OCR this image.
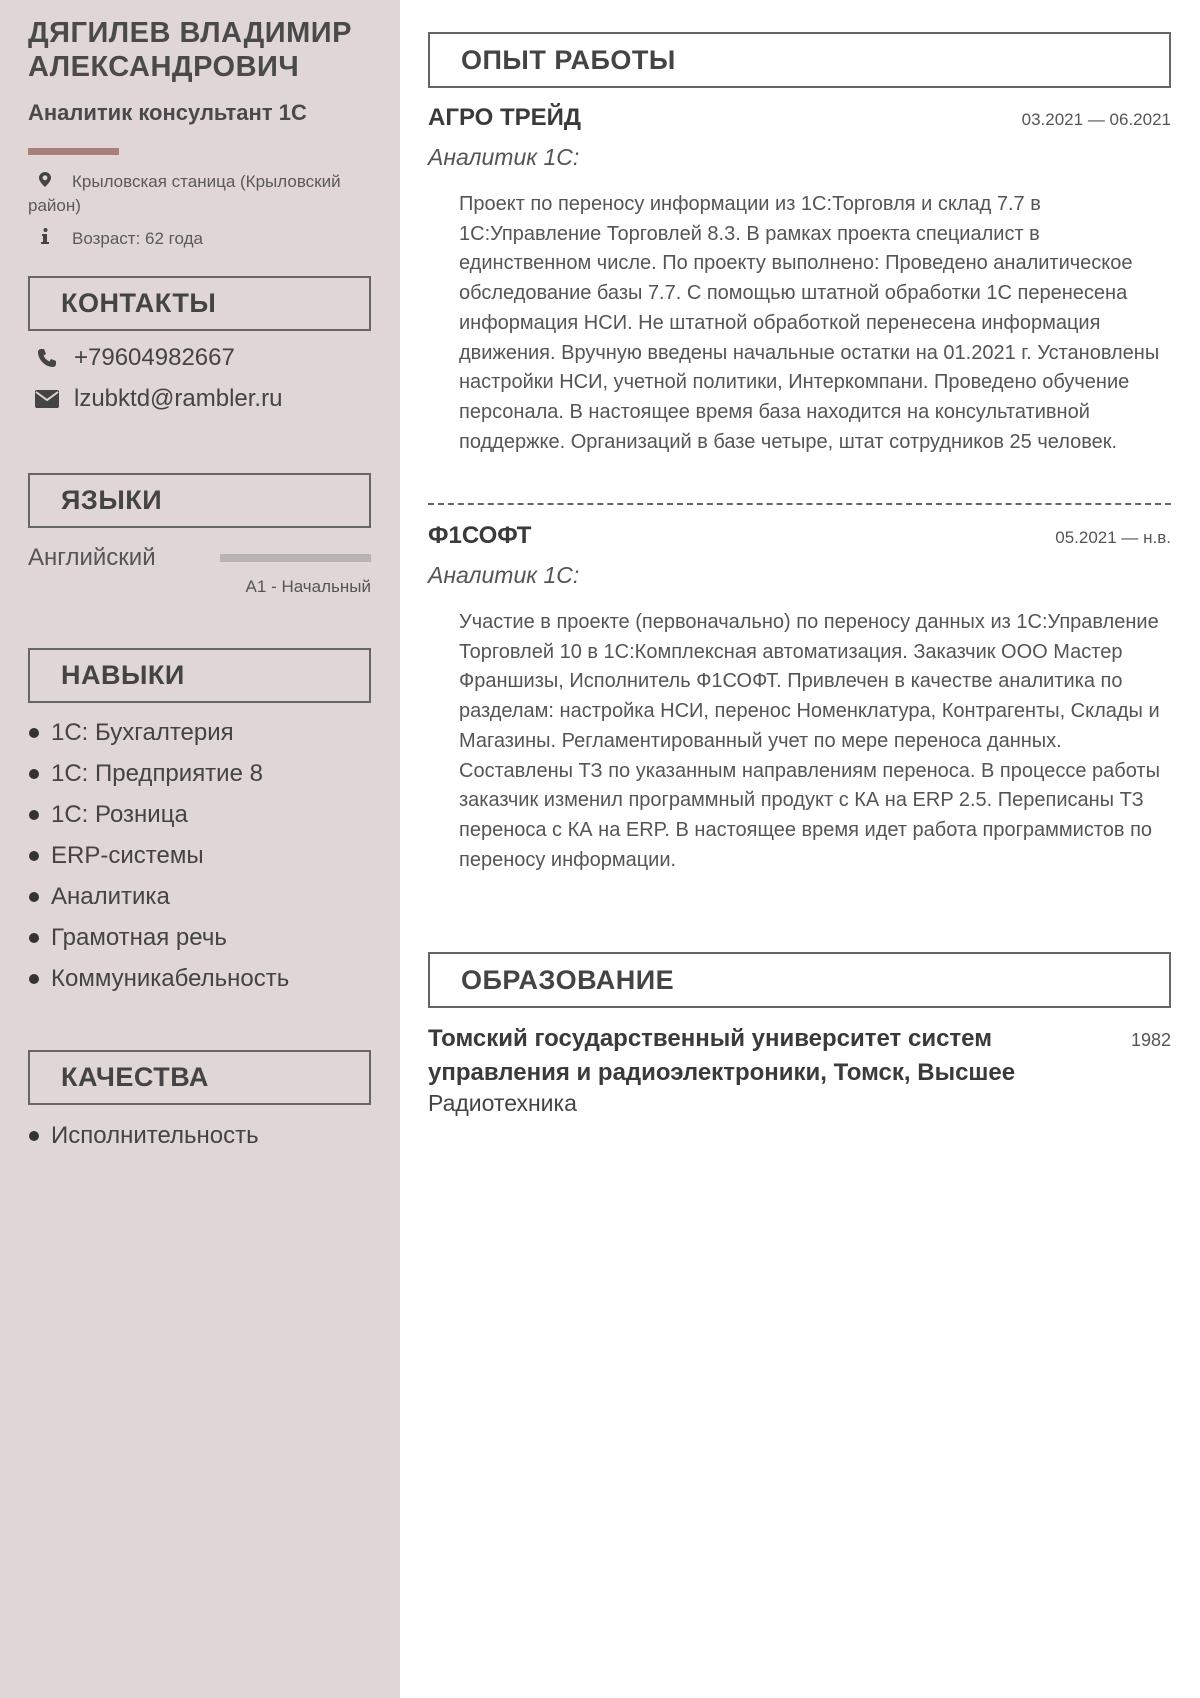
ДЯГИЛЕВ ВЛАДИМИР АЛЕКСАНДРОВИЧ
Аналитик консультант 1С
Крыловская станица (Крыловский район)
Возраст: 62 года
КОНТАКТЫ
+79604982667
lzubktd@rambler.ru
ЯЗЫКИ
Английский
A1 - Начальный
НАВЫКИ
1С: Бухгалтерия
1С: Предприятие 8
1С: Розница
ERP-системы
Аналитика
Грамотная речь
Коммуникабельность
КАЧЕСТВА
Исполнительность
ОПЫТ РАБОТЫ
АГРО ТРЕЙД	03.2021 — 06.2021
Аналитик 1С:

Проект по переносу информации из 1С:Торговля и склад 7.7 в 1С:Управление Торговлей 8.3. В рамках проекта специалист в единственном числе. По проекту выполнено: Проведено аналитическое обследование базы 7.7. С помощью штатной обработки 1С перенесена информация НСИ. Не штатной обработкой перенесена информация движения. Вручную введены начальные остатки на 01.2021 г. Установлены настройки НСИ, учетной политики, Интеркомпани. Проведено обучение персонала. В настоящее время база находится на консультативной поддержке. Организаций в базе четыре, штат сотрудников 25 человек.

Ф1СОФТ	05.2021 — н.в.
Аналитик 1С:

Участие в проекте (первоначально) по переносу данных из 1С:Управление Торговлей 10 в 1С:Комплексная автоматизация. Заказчик ООО Мастер Франшизы, Исполнитель Ф1СОФТ. Привлечен в качестве аналитика по разделам: настройка НСИ, перенос Номенклатура, Контрагенты, Склады и Магазины. Регламентированный учет по мере переноса данных. Составлены ТЗ по указанным направлениям переноса. В процессе работы заказчик изменил программный продукт с КА на ERP 2.5. Переписаны ТЗ переноса с КА на ERP. В настоящее время идет работа программистов по переносу информации.

ОБРАЗОВАНИЕ
Томский государственный университет систем управления и радиоэлектроники, Томск, Высшее
1982
Радиотехника
